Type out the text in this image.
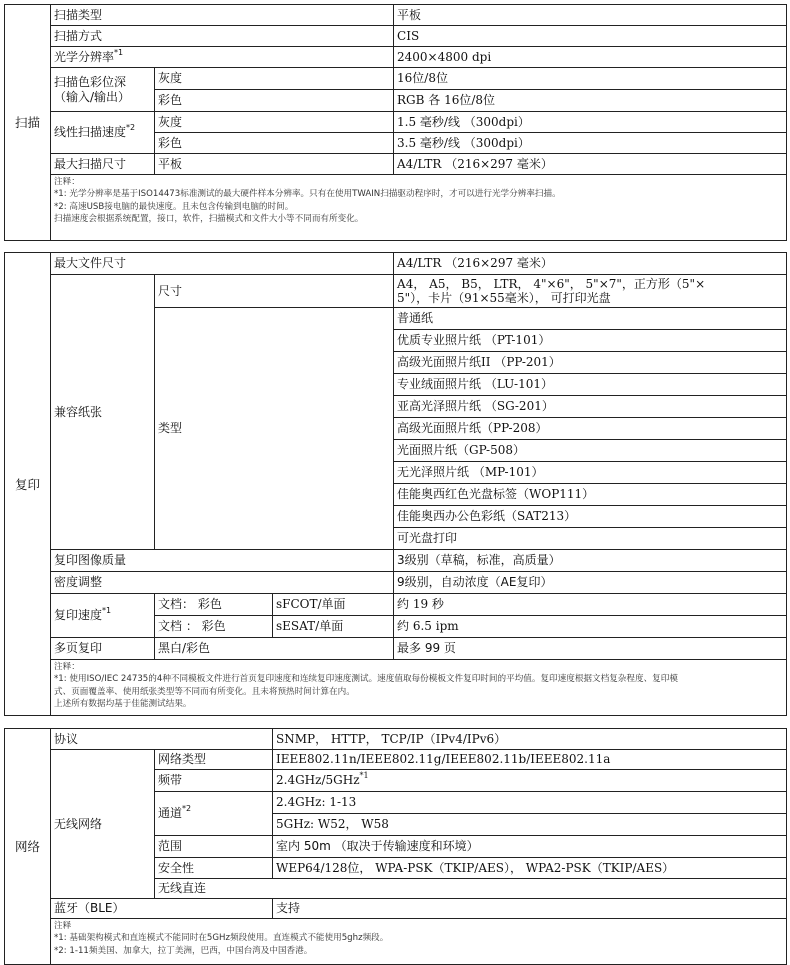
扫描	扫描类型		平板
	扫描方式		CIS
	光学分辨率$^{*1}$		2400×4800 dpi
	扫描色彩位深
（输入/输出）	灰度	16位/8位
		彩色	RGB 各 16位/8位
	线性扫描速度$^{*2}$	灰度	1.5 毫秒/线 （300dpi）
		彩色	3.5 毫秒/线 （300dpi）
	最大扫描尺寸	平板	A4/LTR （216×297 毫米）

	注释：
*1: 光学分辨率是基于ISO14473标准测试的最大硬件样本分辨率。只有在使用TWAIN扫描驱动程序时，才可以进行光学分辨率扫描。
*2: 高速USB接电脑的最快速度。且未包含传输到电脑的时间。
扫描速度会根据系统配置，接口，软件，扫描模式和文件大小等不同而有所变化。		
复印	最大文件尺寸			A4/LTR （216×297 毫米）
	兼容纸张	尺寸		A4， A5， B5， LTR， 4"×6"， 5"×7"，正方形（5"×
5"），卡片（91×55毫米）， 可打印光盘
		类型		普通纸
				优质专业照片纸 （PT-101）
				高级光面照片纸II （PP-201）
				专业绒面照片纸 （LU-101）
				亚高光泽照片纸 （SG-201）
				高级光面照片纸（PP-208）
				光面照片纸（GP-508）
				无光泽照片纸 （MP-101）
				佳能奥西红色光盘标签（WOP111）
				佳能奥西办公色彩纸（SAT213）
				可光盘打印
	复印图像质量			3级别（草稿，标准，高质量）
	密度调整			9级别，自动浓度（AE复印）
	复印速度$^{*1}$	文档： 彩色	sFCOT/单面	约 19 秒
		文档 ： 彩色	sESAT/单面	约 6.5 ipm
	多页复印	黑白/彩色		最多 99 页

	注释：
*1: 使用ISO/IEC 24735的4种不同模板文件进行首页复印速度和连续复印速度测试。速度值取每份模板文件复印时间的平均值。复印速度根据文档复杂程度、复印模
式、页面覆盖率、使用纸张类型等不同而有所变化。且未将预热时间计算在内。
上述所有数据均基于佳能测试结果。			
网络	协议		SNMP， HTTP， TCP/IP（IPv4/IPv6）	
	无线网络	网络类型	IEEE802.11n/IEEE802.11g/IEEE802.11b/IEEE802.11a	
		频带	2.4GHz/5GHz$^{*1}$
		通道$^{*2}$	2.4GHz: 1-13	
			5GHz: W52， W58	
		范围	室内 50m （取决于传输速度和环境）	
		安全性	WEP64/128位， WPA-PSK（TKIP/AES）， WPA2-PSK（TKIP/AES）	
		无线直连	
	蓝牙（BLE）		支持	

	注释
*1: 基础架构模式和直连模式不能同时在5GHz频段使用。直连模式不能使用5ghz频段。
*2: 1-11频美国、加拿大，拉丁美洲，巴西，中国台湾及中国香港。			
